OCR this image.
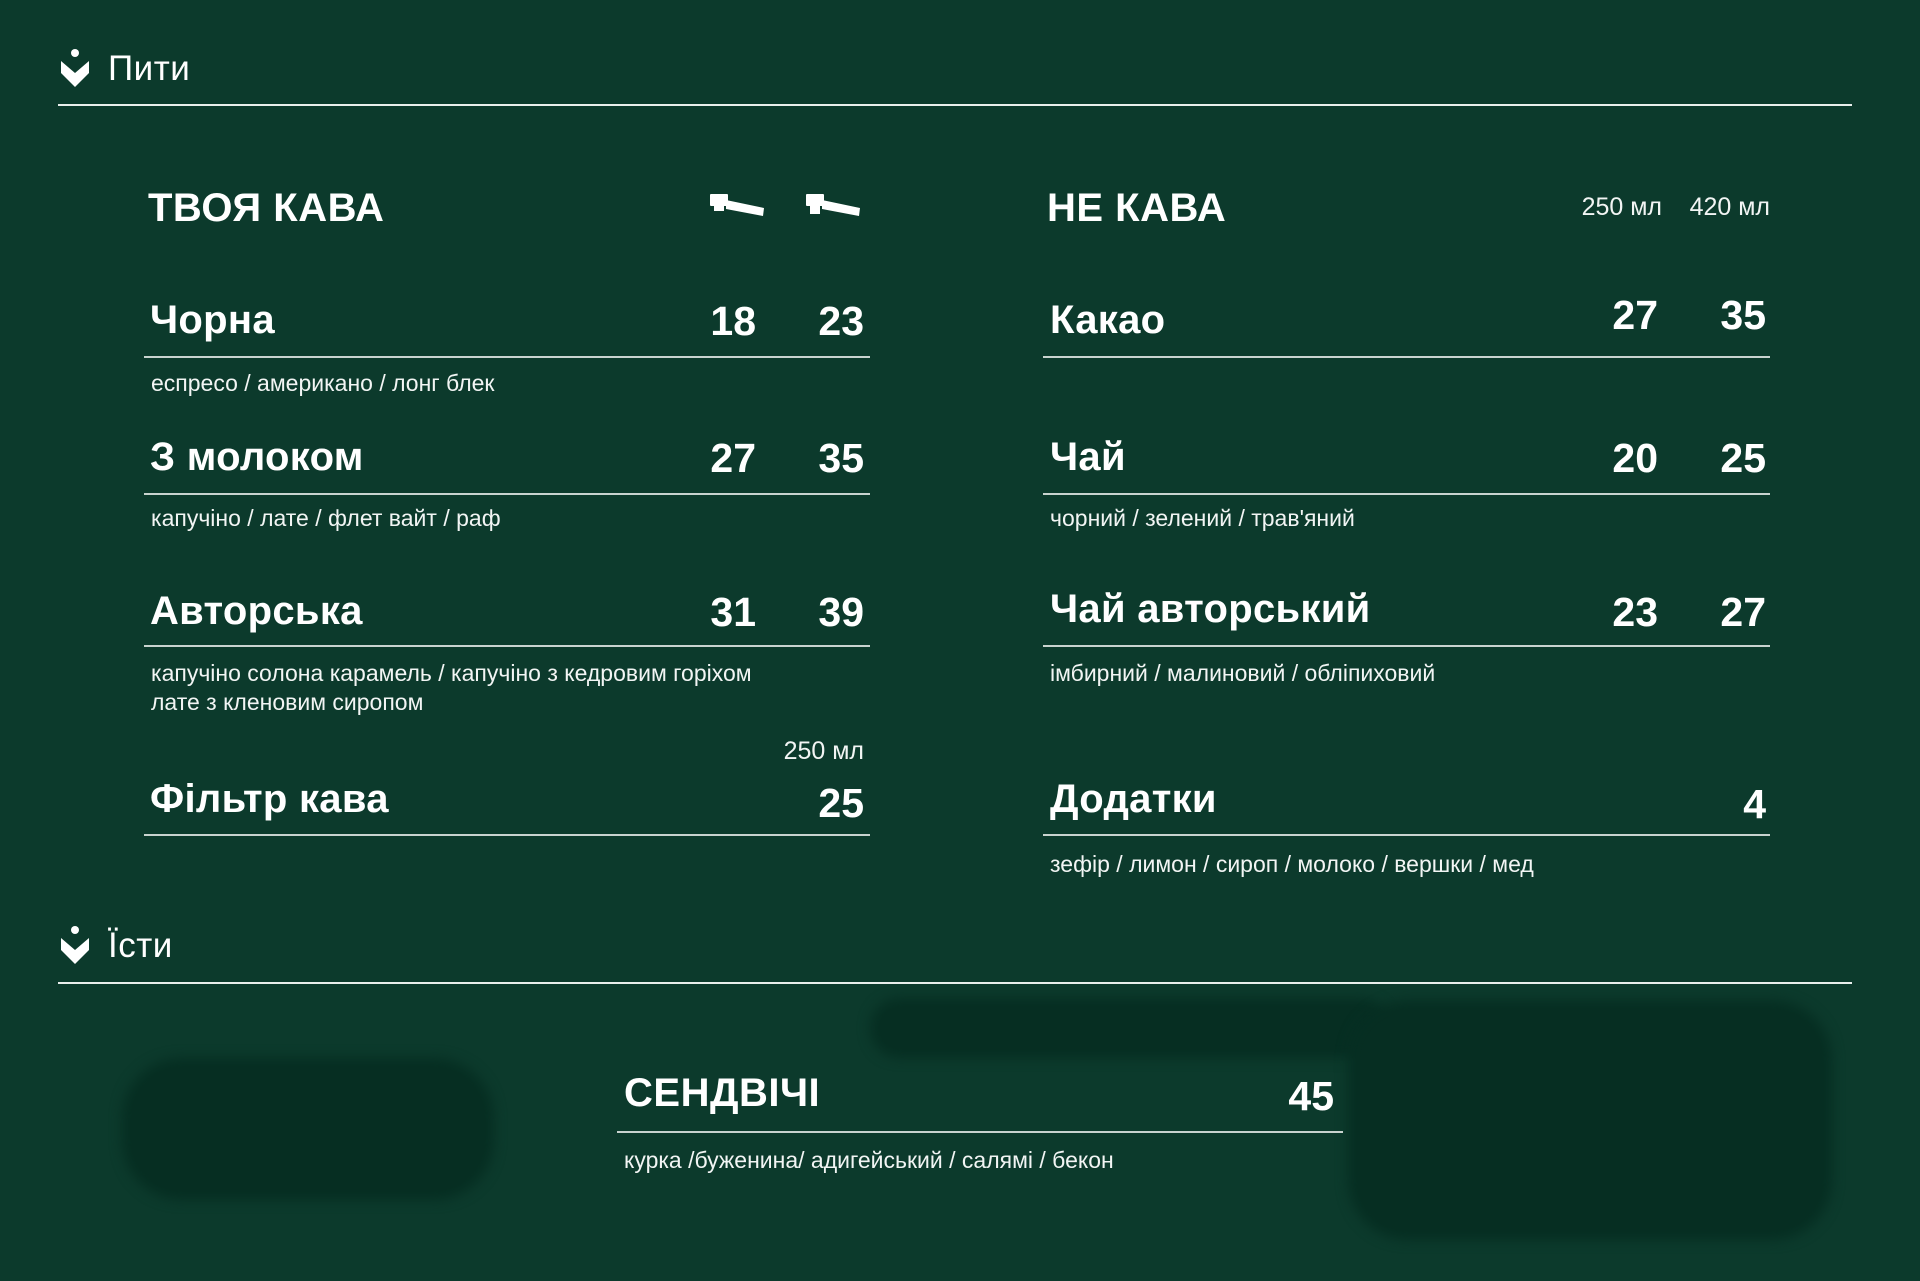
Пити
ТВОЯ КАВА
Чорна	18	23
еспресо / американо / лонг блек
З молоком	27	35
капучіно / лате / флет вайт / раф
Авторська	31	39
капучіно солона карамель / капучіно з кедровим горіхом
лате з кленовим сиропом
250 мл
Фільтр кава	25
НЕ КАВА	250 мл	420 мл
Какао	27	35
Чай	20	25
чорний / зелений / трав'яний
Чай авторський	23	27
імбирний / малиновий / обліпиховий
Додатки	4
зефір / лимон / сироп / молоко / вершки / мед
Їсти
СЕНДВІЧІ	45
курка /буженина/ адигейський / салямі / бекон
